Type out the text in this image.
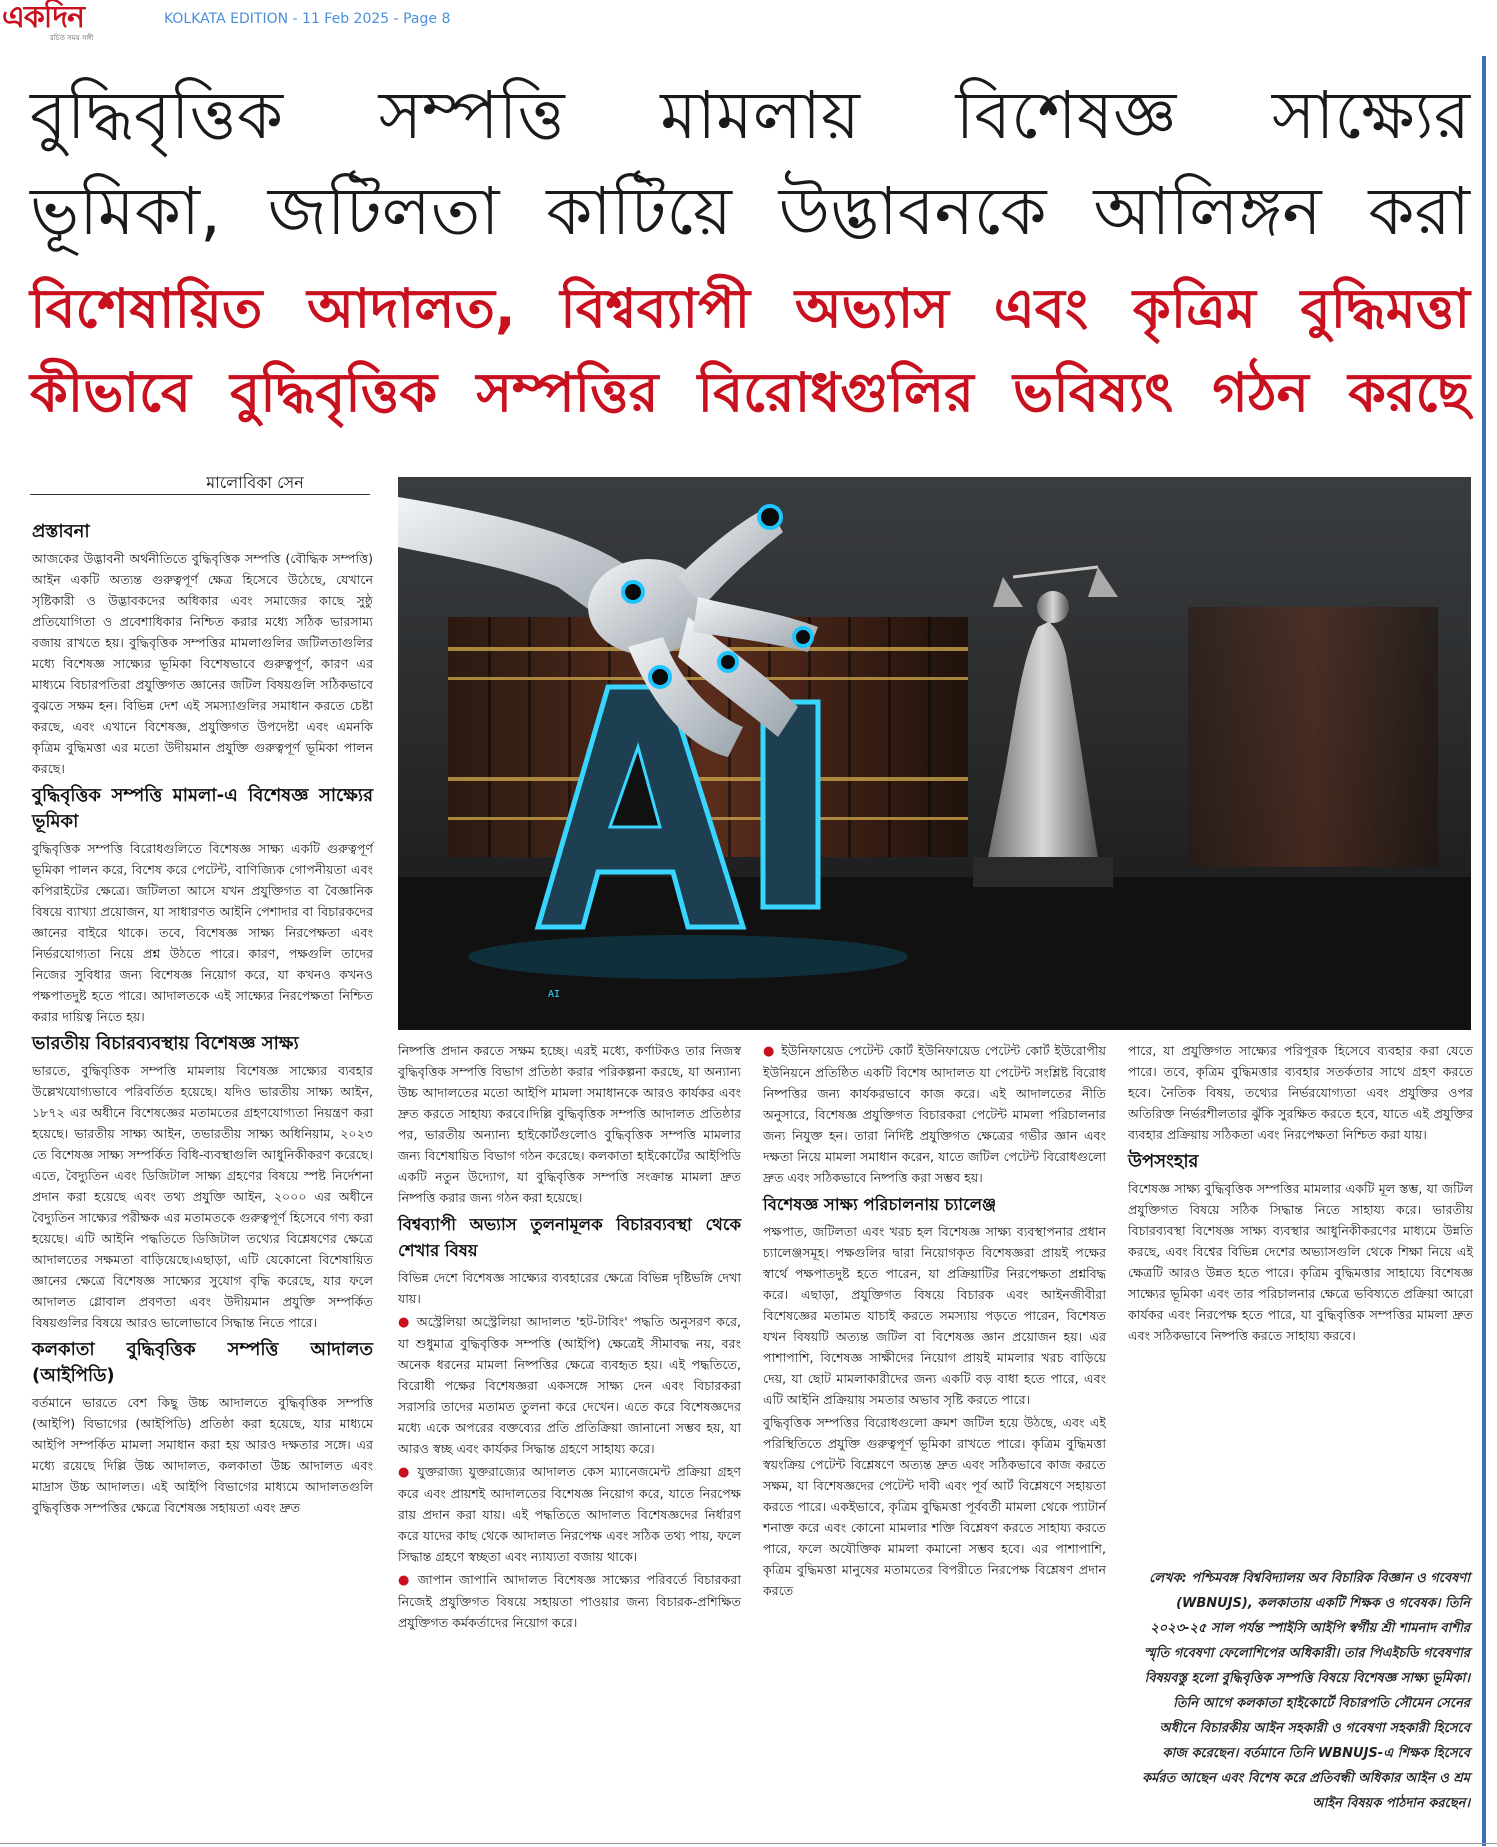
একদিন
রচিত সময় সঙ্গী
KOLKATA EDITION - 11 Feb 2025 - Page 8
বুদ্ধিবৃত্তিক সম্পত্তি মামলায় বিশেষজ্ঞ সাক্ষ্যের
ভূমিকা, জটিলতা কাটিয়ে উদ্ভাবনকে আলিঙ্গন করা
বিশেষায়িত আদালত, বিশ্বব্যাপী অভ্যাস এবং কৃত্রিম বুদ্ধিমত্তা
কীভাবে বুদ্ধিবৃত্তিক সম্পত্তির বিরোধগুলির ভবিষ্যৎ গঠন করছে
মালোবিকা সেন
AI
প্রস্তাবনা

আজকের উদ্ভাবনী অর্থনীতিতে বুদ্ধিবৃত্তিক সম্পত্তি (বৌদ্ধিক সম্পত্তি) আইন একটি অত্যন্ত গুরুত্বপূর্ণ ক্ষেত্র হিসেবে উঠেছে, যেখানে সৃষ্টিকারী ও উদ্ভাবকদের অধিকার এবং সমাজের কাছে সুষ্ঠু প্রতিযোগিতা ও প্রবেশাধিকার নিশ্চিত করার মধ্যে সঠিক ভারসাম্য বজায় রাখতে হয়। বুদ্ধিবৃত্তিক সম্পত্তির মামলাগুলির জটিলতাগুলির মধ্যে বিশেষজ্ঞ সাক্ষ্যের ভূমিকা বিশেষভাবে গুরুত্বপূর্ণ, কারণ এর মাধ্যমে বিচারপতিরা প্রযুক্তিগত জ্ঞানের জটিল বিষয়গুলি সঠিকভাবে বুঝতে সক্ষম হন। বিভিন্ন দেশ এই সমস্যাগুলির সমাধান করতে চেষ্টা করছে, এবং এখানে বিশেষজ্ঞ, প্রযুক্তিগত উপদেষ্টা এবং এমনকি কৃত্রিম বুদ্ধিমত্তা এর মতো উদীয়মান প্রযুক্তি গুরুত্বপূর্ণ ভূমিকা পালন করছে।

বুদ্ধিবৃত্তিক সম্পত্তি মামলা-এ বিশেষজ্ঞ সাক্ষ্যের ভূমিকা

বুদ্ধিবৃত্তিক সম্পত্তি বিরোধগুলিতে বিশেষজ্ঞ সাক্ষ্য একটি গুরুত্বপূর্ণ ভূমিকা পালন করে, বিশেষ করে পেটেন্ট, বাণিজ্যিক গোপনীয়তা এবং কপিরাইটের ক্ষেত্রে। জটিলতা আসে যখন প্রযুক্তিগত বা বৈজ্ঞানিক বিষয়ে ব্যাখ্যা প্রয়োজন, যা সাধারণত আইনি পেশাদার বা বিচারকদের জ্ঞানের বাইরে থাকে। তবে, বিশেষজ্ঞ সাক্ষ্য নিরপেক্ষতা এবং নির্ভরযোগ্যতা নিয়ে প্রশ্ন উঠতে পারে। কারণ, পক্ষগুলি তাদের নিজের সুবিধার জন্য বিশেষজ্ঞ নিয়োগ করে, যা কখনও কখনও পক্ষপাতদুষ্ট হতে পারে। আদালতকে এই সাক্ষ্যের নিরপেক্ষতা নিশ্চিত করার দায়িত্ব নিতে হয়।

ভারতীয় বিচারব্যবস্থায় বিশেষজ্ঞ সাক্ষ্য

ভারতে, বুদ্ধিবৃত্তিক সম্পত্তি মামলায় বিশেষজ্ঞ সাক্ষ্যের ব্যবহার উল্লেখযোগ্যভাবে পরিবর্তিত হয়েছে। যদিও ভারতীয় সাক্ষ্য আইন, ১৮৭২ এর অধীনে বিশেষজ্ঞের মতামতের গ্রহণযোগ্যতা নিয়ন্ত্রণ করা হয়েছে। ভারতীয় সাক্ষ্য আইন, তভারতীয় সাক্ষ্য অধিনিয়াম, ২০২৩ তে বিশেষজ্ঞ সাক্ষ্য সম্পর্কিত বিধি-ব্যবস্থাগুলি আধুনিকীকরণ করেছে। এতে, বৈদ্যুতিন এবং ডিজিটাল সাক্ষ্য গ্রহণের বিষয়ে স্পষ্ট নির্দেশনা প্রদান করা হয়েছে এবং তথ্য প্রযুক্তি আইন, ২০০০ এর অধীনে বৈদ্যুতিন সাক্ষ্যের পরীক্ষক এর মতামতকে গুরুত্বপূর্ণ হিসেবে গণ্য করা হয়েছে। এটি আইনি পদ্ধতিতে ডিজিটাল তথ্যের বিশ্লেষণের ক্ষেত্রে আদালতের সক্ষমতা বাড়িয়েছে।এছাড়া, এটি যেকোনো বিশেষায়িত জ্ঞানের ক্ষেত্রে বিশেষজ্ঞ সাক্ষ্যের সুযোগ বৃদ্ধি করেছে, যার ফলে আদালত গ্লোবাল প্রবণতা এবং উদীয়মান প্রযুক্তি সম্পর্কিত বিষয়গুলির বিষয়ে আরও ভালোভাবে সিদ্ধান্ত নিতে পারে।

কলকাতা বুদ্ধিবৃত্তিক সম্পত্তি আদালত (আইপিডি)

বর্তমানে ভারতে বেশ কিছু উচ্চ আদালতে বুদ্ধিবৃত্তিক সম্পত্তি (আইপি) বিভাগের (আইপিডি) প্রতিষ্ঠা করা হয়েছে, যার মাধ্যমে আইপি সম্পর্কিত মামলা সমাধান করা হয় আরও দক্ষতার সঙ্গে। এর মধ্যে রয়েছে দিল্লি উচ্চ আদালত, কলকাতা উচ্চ আদালত এবং মাদ্রাস উচ্চ আদালত। এই আইপি বিভাগের মাধ্যমে আদালতগুলি বুদ্ধিবৃত্তিক সম্পত্তির ক্ষেত্রে বিশেষজ্ঞ সহায়তা এবং দ্রুত

নিষ্পত্তি প্রদান করতে সক্ষম হচ্ছে। এরই মধ্যে, কর্ণাটকও তার নিজস্ব বুদ্ধিবৃত্তিক সম্পত্তি বিভাগ প্রতিষ্ঠা করার পরিকল্পনা করছে, যা অন্যান্য উচ্চ আদালতের মতো আইপি মামলা সমাধানকে আরও কার্যকর এবং দ্রুত করতে সাহায্য করবে।দিল্লি বুদ্ধিবৃত্তিক সম্পত্তি আদালত প্রতিষ্ঠার পর, ভারতীয় অন্যান্য হাইকোর্টগুলোও বুদ্ধিবৃত্তিক সম্পত্তি মামলার জন্য বিশেষায়িত বিভাগ গঠন করেছে। কলকাতা হাইকোর্টের আইপিডি একটি নতুন উদ্যোগ, যা বুদ্ধিবৃত্তিক সম্পত্তি সংক্রান্ত মামলা দ্রুত নিষ্পত্তি করার জন্য গঠন করা হয়েছে।

বিশ্বব্যাপী অভ্যাস তুলনামূলক বিচারব্যবস্থা থেকে শেখার বিষয়

বিভিন্ন দেশে বিশেষজ্ঞ সাক্ষ্যের ব্যবহারের ক্ষেত্রে বিভিন্ন দৃষ্টিভঙ্গি দেখা যায়।

● অস্ট্রেলিয়া অস্ট্রেলিয়া আদালত 'হট-টাবিং' পদ্ধতি অনুসরণ করে, যা শুধুমাত্র বুদ্ধিবৃত্তিক সম্পত্তি (আইপি) ক্ষেত্রেই সীমাবদ্ধ নয়, বরং অনেক ধরনের মামলা নিষ্পত্তির ক্ষেত্রে ব্যবহৃত হয়। এই পদ্ধতিতে, বিরোধী পক্ষের বিশেষজ্ঞরা একসঙ্গে সাক্ষ্য দেন এবং বিচারকরা সরাসরি তাদের মতামত তুলনা করে দেখেন। এতে করে বিশেষজ্ঞদের মধ্যে একে অপরের বক্তব্যের প্রতি প্রতিক্রিয়া জানানো সম্ভব হয়, যা আরও স্বচ্ছ এবং কার্যকর সিদ্ধান্ত গ্রহণে সাহায্য করে।

● যুক্তরাজ্য যুক্তরাজ্যের আদালত কেস ম্যানেজমেন্ট প্রক্রিয়া গ্রহণ করে এবং প্রায়শই আদালতের বিশেষজ্ঞ নিয়োগ করে, যাতে নিরপেক্ষ রায় প্রদান করা যায়। এই পদ্ধতিতে আদালত বিশেষজ্ঞদের নির্ধারণ করে যাদের কাছ থেকে আদালত নিরপেক্ষ এবং সঠিক তথ্য পায়, ফলে সিদ্ধান্ত গ্রহণে স্বচ্ছতা এবং ন্যায্যতা বজায় থাকে।

● জাপান জাপানি আদালত বিশেষজ্ঞ সাক্ষ্যের পরিবর্তে বিচারকরা নিজেই প্রযুক্তিগত বিষয়ে সহায়তা পাওয়ার জন্য বিচারক-প্রশিক্ষিত প্রযুক্তিগত কর্মকর্তাদের নিয়োগ করে।

● ইউনিফায়েড পেটেন্ট কোর্ট ইউনিফায়েড পেটেন্ট কোর্ট ইউরোপীয় ইউনিয়নে প্রতিষ্ঠিত একটি বিশেষ আদালত যা পেটেন্ট সংশ্লিষ্ট বিরোধ নিষ্পত্তির জন্য কার্যকরভাবে কাজ করে। এই আদালতের নীতি অনুসারে, বিশেষজ্ঞ প্রযুক্তিগত বিচারকরা পেটেন্ট মামলা পরিচালনার জন্য নিযুক্ত হন। তারা নির্দিষ্ট প্রযুক্তিগত ক্ষেত্রের গভীর জ্ঞান এবং দক্ষতা নিয়ে মামলা সমাধান করেন, যাতে জটিল পেটেন্ট বিরোধগুলো দ্রুত এবং সঠিকভাবে নিষ্পত্তি করা সম্ভব হয়।

বিশেষজ্ঞ সাক্ষ্য পরিচালনায় চ্যালেঞ্জ

পক্ষপাত, জটিলতা এবং খরচ হল বিশেষজ্ঞ সাক্ষ্য ব্যবস্থাপনার প্রধান চ্যালেঞ্জসমূহ। পক্ষগুলির দ্বারা নিয়োগকৃত বিশেষজ্ঞরা প্রায়ই পক্ষের স্বার্থে পক্ষপাতদুষ্ট হতে পারেন, যা প্রক্রিয়াটির নিরপেক্ষতা প্রশ্নবিদ্ধ করে। এছাড়া, প্রযুক্তিগত বিষয়ে বিচারক এবং আইনজীবীরা বিশেষজ্ঞের মতামত যাচাই করতে সমস্যায় পড়তে পারেন, বিশেষত যখন বিষয়টি অত্যন্ত জটিল বা বিশেষজ্ঞ জ্ঞান প্রয়োজন হয়। এর পাশাপাশি, বিশেষজ্ঞ সাক্ষীদের নিয়োগ প্রায়ই মামলার খরচ বাড়িয়ে দেয়, যা ছোট মামলাকারীদের জন্য একটি বড় বাধা হতে পারে, এবং এটি আইনি প্রক্রিয়ায় সমতার অভাব সৃষ্টি করতে পারে।

বুদ্ধিবৃত্তিক সম্পত্তির বিরোধগুলো ক্রমশ জটিল হয়ে উঠছে, এবং এই পরিস্থিতিতে প্রযুক্তি গুরুত্বপূর্ণ ভূমিকা রাখতে পারে। কৃত্রিম বুদ্ধিমত্তা স্বয়ংক্রিয় পেটেন্ট বিশ্লেষণে অত্যন্ত দ্রুত এবং সঠিকভাবে কাজ করতে সক্ষম, যা বিশেষজ্ঞদের পেটেন্ট দাবী এবং পূর্ব আর্ট বিশ্লেষণে সহায়তা করতে পারে। একইভাবে, কৃত্রিম বুদ্ধিমত্তা পূর্ববর্তী মামলা থেকে প্যাটার্ন শনাক্ত করে এবং কোনো মামলার শক্তি বিশ্লেষণ করতে সাহায্য করতে পারে, ফলে অযৌক্তিক মামলা কমানো সম্ভব হবে। এর পাশাপাশি, কৃত্রিম বুদ্ধিমত্তা মানুষের মতামতের বিপরীতে নিরপেক্ষ বিশ্লেষণ প্রদান করতে

পারে, যা প্রযুক্তিগত সাক্ষ্যের পরিপূরক হিসেবে ব্যবহার করা যেতে পারে। তবে, কৃত্রিম বুদ্ধিমত্তার ব্যবহার সতর্কতার সাথে গ্রহণ করতে হবে। নৈতিক বিষয়, তথ্যের নির্ভরযোগ্যতা এবং প্রযুক্তির ওপর অতিরিক্ত নির্ভরশীলতার ঝুঁকি সুরক্ষিত করতে হবে, যাতে এই প্রযুক্তির ব্যবহার প্রক্রিয়ায় সঠিকতা এবং নিরপেক্ষতা নিশ্চিত করা যায়।

উপসংহার

বিশেষজ্ঞ সাক্ষ্য বুদ্ধিবৃত্তিক সম্পত্তির মামলার একটি মূল স্তম্ভ, যা জটিল প্রযুক্তিগত বিষয়ে সঠিক সিদ্ধান্ত নিতে সাহায্য করে। ভারতীয় বিচারব্যবস্থা বিশেষজ্ঞ সাক্ষ্য ব্যবস্থার আধুনিকীকরণের মাধ্যমে উন্নতি করছে, এবং বিশ্বের বিভিন্ন দেশের অভ্যাসগুলি থেকে শিক্ষা নিয়ে এই ক্ষেত্রটি আরও উন্নত হতে পারে। কৃত্রিম বুদ্ধিমত্তার সাহায্যে বিশেষজ্ঞ সাক্ষ্যের ভূমিকা এবং তার পরিচালনার ক্ষেত্রে ভবিষ্যতে প্রক্রিয়া আরো কার্যকর এবং নিরপেক্ষ হতে পারে, যা বুদ্ধিবৃত্তিক সম্পত্তির মামলা দ্রুত এবং সঠিকভাবে নিষ্পত্তি করতে সাহায্য করবে।

লেখক: পশ্চিমবঙ্গ বিশ্ববিদ্যালয় অব বিচারিক বিজ্ঞান ও গবেষণা (WBNUJS), কলকাতায় একটি শিক্ষক ও গবেষক। তিনি ২০২৩-২৫ সাল পর্যন্ত স্পাইসি আইপি স্বর্গীয় শ্রী শামনাদ বাশীর স্মৃতি গবেষণা ফেলোশিপের অধিকারী। তার পিএইচডি গবেষণার বিষয়বস্তু হলো বুদ্ধিবৃত্তিক সম্পত্তি বিষয়ে বিশেষজ্ঞ সাক্ষ্য ভূমিকা। তিনি আগে কলকাতা হাইকোর্টে বিচারপতি সৌমেন সেনের অধীনে বিচারকীয় আইন সহকারী ও গবেষণা সহকারী হিসেবে কাজ করেছেন। বর্তমানে তিনি WBNUJS-এ শিক্ষক হিসেবে কর্মরত আছেন এবং বিশেষ করে প্রতিবন্ধী অধিকার আইন ও শ্রম আইন বিষয়ক পাঠদান করছেন।
